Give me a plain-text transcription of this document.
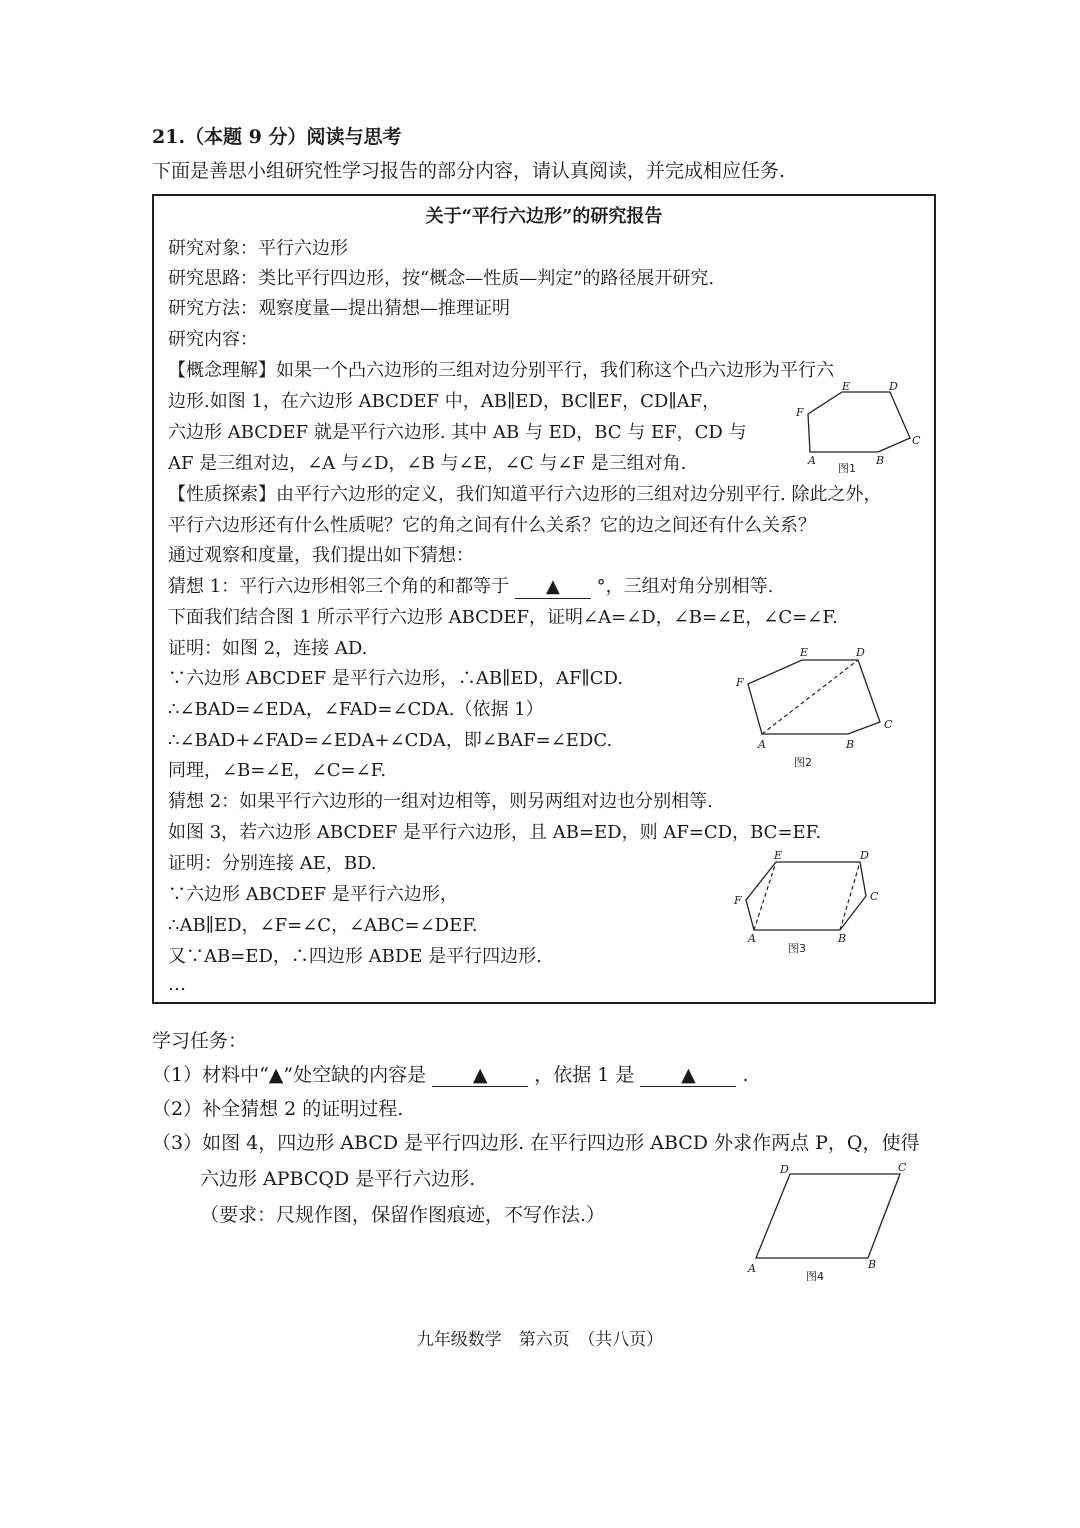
21.（本题 9 分）阅读与思考
下面是善思小组研究性学习报告的部分内容，请认真阅读，并完成相应任务.
关于“平行六边形”的研究报告
研究对象：平行六边形
研究思路：类比平行四边形，按“概念—性质—判定”的路径展开研究.
研究方法：观察度量—提出猜想—推理证明
研究内容：
【概念理解】如果一个凸六边形的三组对边分别平行，我们称这个凸六边形为平行六
边形.如图 1，在六边形 ABCDEF 中，AB∥ED，BC∥EF，CD∥AF，
六边形 ABCDEF 就是平行六边形. 其中 AB 与 ED，BC 与 EF，CD 与
AF 是三组对边，∠A 与∠D，∠B 与∠E，∠C 与∠F 是三组对角.
【性质探索】由平行六边形的定义，我们知道平行六边形的三组对边分别平行. 除此之外，
平行六边形还有什么性质呢？它的角之间有什么关系？它的边之间还有什么关系？
通过观察和度量，我们提出如下猜想：
猜想 1：平行六边形相邻三个角的和都等于 ▲ °，三组对角分别相等.
下面我们结合图 1 所示平行六边形 ABCDEF，证明∠A=∠D，∠B=∠E，∠C=∠F.
证明：如图 2，连接 AD.
∵六边形 ABCDEF 是平行六边形，∴AB∥ED，AF∥CD.
∴∠BAD=∠EDA，∠FAD=∠CDA.（依据 1）
∴∠BAD+∠FAD=∠EDA+∠CDA，即∠BAF=∠EDC.
同理，∠B=∠E，∠C=∠F.
猜想 2：如果平行六边形的一组对边相等，则另两组对边也分别相等.
如图 3，若六边形 ABCDEF 是平行六边形，且 AB=ED，则 AF=CD，BC=EF.
证明：分别连接 AE，BD.
∵六边形 ABCDEF 是平行六边形，
∴AB∥ED，∠F=∠C，∠ABC=∠DEF.
又∵AB=ED，∴四边形 ABDE 是平行四边形.
…
A	B
C
D
E
F
图1
A	B
C
D
E
F
图2
A	B
C
D
E
F
图3
学习任务：
（1）材料中“▲”处空缺的内容是 ▲ ，依据 1 是 ▲ .
（2）补全猜想 2 的证明过程.
（3）如图 4，四边形 ABCD 是平行四边形. 在平行四边形 ABCD 外求作两点 P，Q，使得
六边形 APBCQD 是平行六边形.
（要求：尺规作图，保留作图痕迹，不写作法.）
A	B
C
D
图4
九年级数学　第六页　（共八页）
